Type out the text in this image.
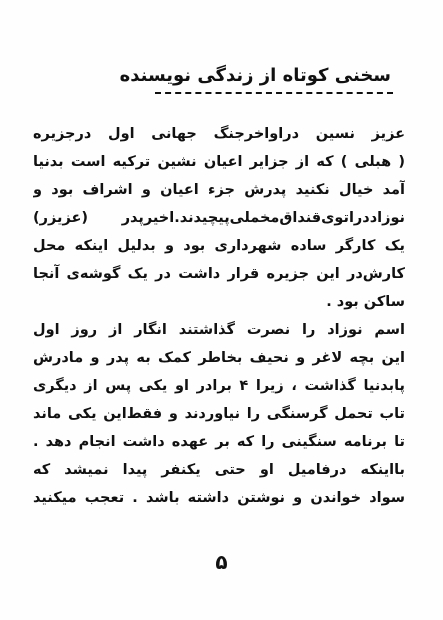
سخنی کوتاه از زندگی نویسنده
عزیز نسین دراواخرجنگ جهانی اول درجزیره
( هبلی ) که از جزایر اعیان نشین ترکیه است بدنیا
آمد خیال نکنید پدرش جزء اعیان و اشراف بود و
نوزاددراتوی‌قنداق‌مخملی‌پیچیدند.اخیرپدر (عزیزر)
یک کارگر ساده شهرداری بود و بدلیل اینکه محل
کارش‌در این جزیره قرار داشت در یک گوشه‌ی آنجا
ساکن بود .
اسم نوزاد را نصرت گذاشتند انگار از روز اول
این بچه لاغر و نحیف بخاطر کمک به پدر و مادرش
پابدنیا گذاشت ، زیرا ۴ برادر او یکی پس از دیگری
تاب تحمل گرسنگی را نیاوردند و فقط‌این یکی ماند
تا برنامه سنگینی را که بر عهده داشت انجام دهد .
بااینکه درفامیل او حتی یکنفر پیدا نمیشد که
سواد خواندن و نوشتن داشته باشد . تعجب میکنید
۵
